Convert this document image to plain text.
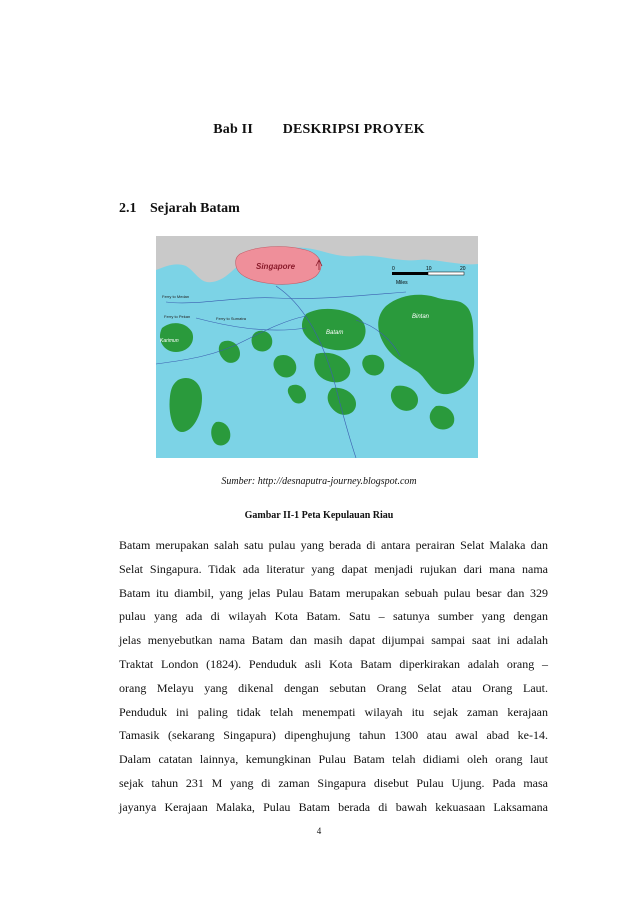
Bab II DESKRIPSI PROYEK
2.1 Sejarah Batam
0	10	20
Miles
Singapore
Batam
Bintan
Karimun
Ferry to Medan
Ferry to Pekan	Ferry to Sumatra
Sumber: http://desnaputra-journey.blogspot.com
Gambar II-1 Peta Kepulauan Riau

Batam merupakan salah satu pulau yang berada di antara perairan Selat Malaka dan
Selat Singapura. Tidak ada literatur yang dapat menjadi rujukan dari mana nama
Batam itu diambil, yang jelas Pulau Batam merupakan sebuah pulau besar dan 329
pulau yang ada di wilayah Kota Batam. Satu – satunya sumber yang dengan
jelas menyebutkan nama Batam dan masih dapat dijumpai sampai saat ini adalah
Traktat London (1824). Penduduk asli Kota Batam diperkirakan adalah orang –
orang Melayu yang dikenal dengan sebutan Orang Selat atau Orang Laut.
Penduduk ini paling tidak telah menempati wilayah itu sejak zaman kerajaan
Tamasik (sekarang Singapura) dipenghujung tahun 1300 atau awal abad ke-14.
Dalam catatan lainnya, kemungkinan Pulau Batam telah didiami oleh orang laut
sejak tahun 231 M yang di zaman Singapura disebut Pulau Ujung. Pada masa
jayanya Kerajaan Malaka, Pulau Batam berada di bawah kekuasaan Laksamana

4
